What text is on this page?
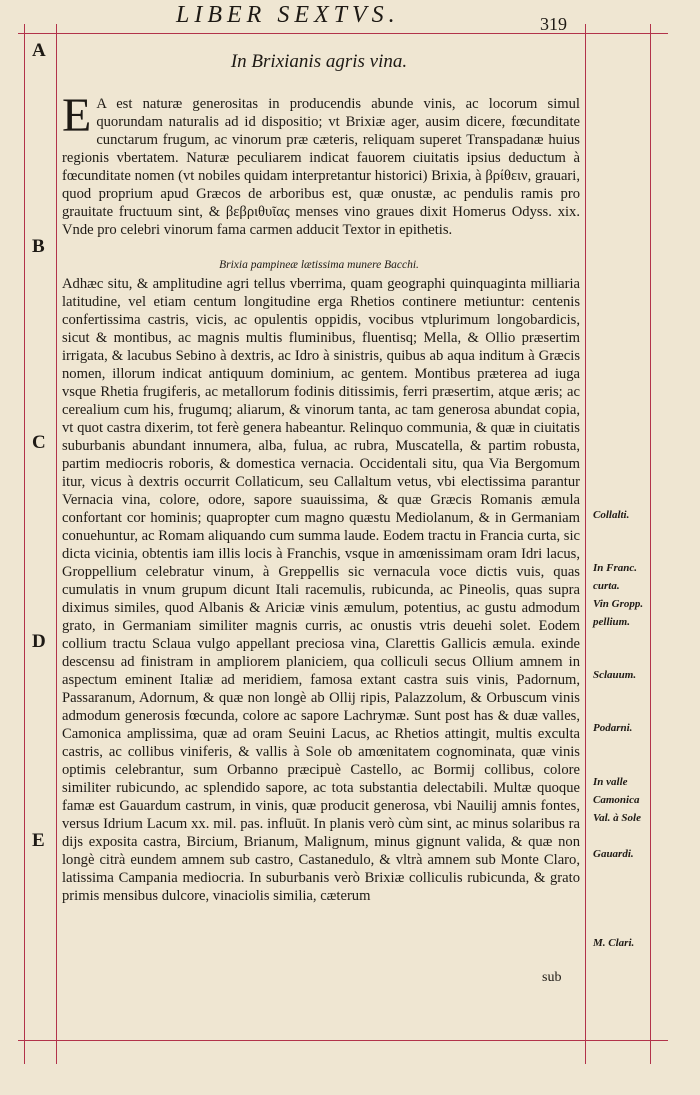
LIBER SEXTVS.	319
A
B
C
D
E
In Brixianis agris vina.

E A est naturæ generositas in producendis abunde vinis, ac locorum simul quorundam naturalis ad id dispositio; vt Brixiæ ager, ausim dicere, fœcunditate cunctarum frugum, ac vinorum præ cæteris, reliquam superet Transpadanæ huius regionis vbertatem. Naturæ peculiarem indicat fauorem ciuitatis ipsius deductum à fœcunditate nomen (vt nobiles quidam interpretantur historici) Brixia, à βρίθειν, grauari, quod proprium apud Græcos de arboribus est, quæ onustæ, ac pendulis ramis pro grauitate fructuum sint, & βεβριθυῖας menses vino graues dixit Homerus Odyss. xix. Vnde pro celebri vinorum fama carmen adducit Textor in epithetis.

Brixia pampineæ lætissima munere Bacchi.

Adhæc situ, & amplitudine agri tellus vberrima, quam geographi quinquaginta milliaria latitudine, vel etiam centum longitudine erga Rhetios continere metiuntur: centenis confertissima castris, vicis, ac opulentis oppidis, vocibus vtplurimum longobardicis, sicut & montibus, ac magnis multis fluminibus, fluentisq; Mella, & Ollio præsertim irrigata, & lacubus Sebino à dextris, ac Idro à sinistris, quibus ab aqua inditum à Græcis nomen, illorum indicat antiquum dominium, ac gentem. Montibus præterea ad iuga vsque Rhetia frugiferis, ac metallorum fodinis ditissimis, ferri præsertim, atque æris; ac cerealium cum his, frugumq; aliarum, & vinorum tanta, ac tam generosa abundat copia, vt quot castra dixerim, tot ferè genera habeantur. Relinquo communia, & quæ in ciuitatis suburbanis abundant innumera, alba, fulua, ac rubra, Muscatella, & partim robusta, partim mediocris roboris, & domestica vernacia. Occidentali situ, qua Via Bergomum itur, vicus à dextris occurrit Collaticum, seu Callaltum vetus, vbi electissima parantur Vernacia vina, colore, odore, sapore suauissima, & quæ Græcis Romanis æmula confortant cor hominis; quapropter cum magno quæstu Mediolanum, & in Germaniam conuehuntur, ac Romam aliquando cum summa laude. Eodem tractu in Francia curta, sic dicta vicinia, obtentis iam illis locis à Franchis, vsque in amœnissimam oram Idri lacus, Groppellium celebratur vinum, à Greppellis sic vernacula voce dictis vuis, quas cumulatis in vnum grupum dicunt Itali racemulis, rubicunda, ac Pineolis, quas supra diximus similes, quod Albanis & Ariciæ vinis æmulum, potentius, ac gustu admodum grato, in Germaniam similiter magnis curris, ac onustis vtris deuehi solet. Eodem collium tractu Sclaua vulgo appellant preciosa vina, Clarettis Gallicis æmula. exinde descensu ad finistram in ampliorem planiciem, qua colliculi secus Ollium amnem in aspectum eminent Italiæ ad meridiem, famosa extant castra suis vinis, Padornum, Passaranum, Adornum, & quæ non longè ab Ollij ripis, Palazzolum, & Orbuscum vinis admodum generosis fœcunda, colore ac sapore Lachrymæ. Sunt post has & duæ valles, Camonica amplissima, quæ ad oram Seuini Lacus, ac Rhetios attingit, multis exculta castris, ac collibus viniferis, & vallis à Sole ob amœnitatem cognominata, quæ vinis optimis celebrantur, sum Orbanno præcipuè Castello, ac Bormij collibus, colore similiter rubicundo, ac splendido sapore, ac tota substantia delectabili. Multæ quoque famæ est Gauardum castrum, in vinis, quæ producit generosa, vbi Nauilij amnis fontes, versus Idrium Lacum xx. mil. pas. influūt. In planis verò cùm sint, ac minus solaribus ra dijs exposita castra, Bircium, Brianum, Malignum, minus gignunt valida, & quæ non longè citrà eundem amnem sub castro, Castanedulo, & vltrà amnem sub Monte Claro, latissima Campania mediocria. In suburbanis verò Brixiæ colliculis rubicunda, & grato primis mensibus dulcore, vinaciolis similia, cæterum

sub
Collalti.
In Franc.
curta.
Vin Gropp.
pellium.
Sclauum.
Podarni.
In valle
Camonica
Val. à Sole
Gauardi.
M. Clari.
